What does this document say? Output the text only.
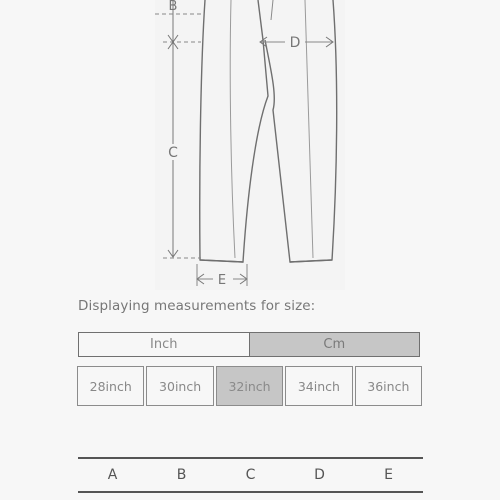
B
C
D
E
Displaying measurements for size:
Inch	Cm
28inch	30inch	32inch	34inch	36inch
A	B	C	D	E
